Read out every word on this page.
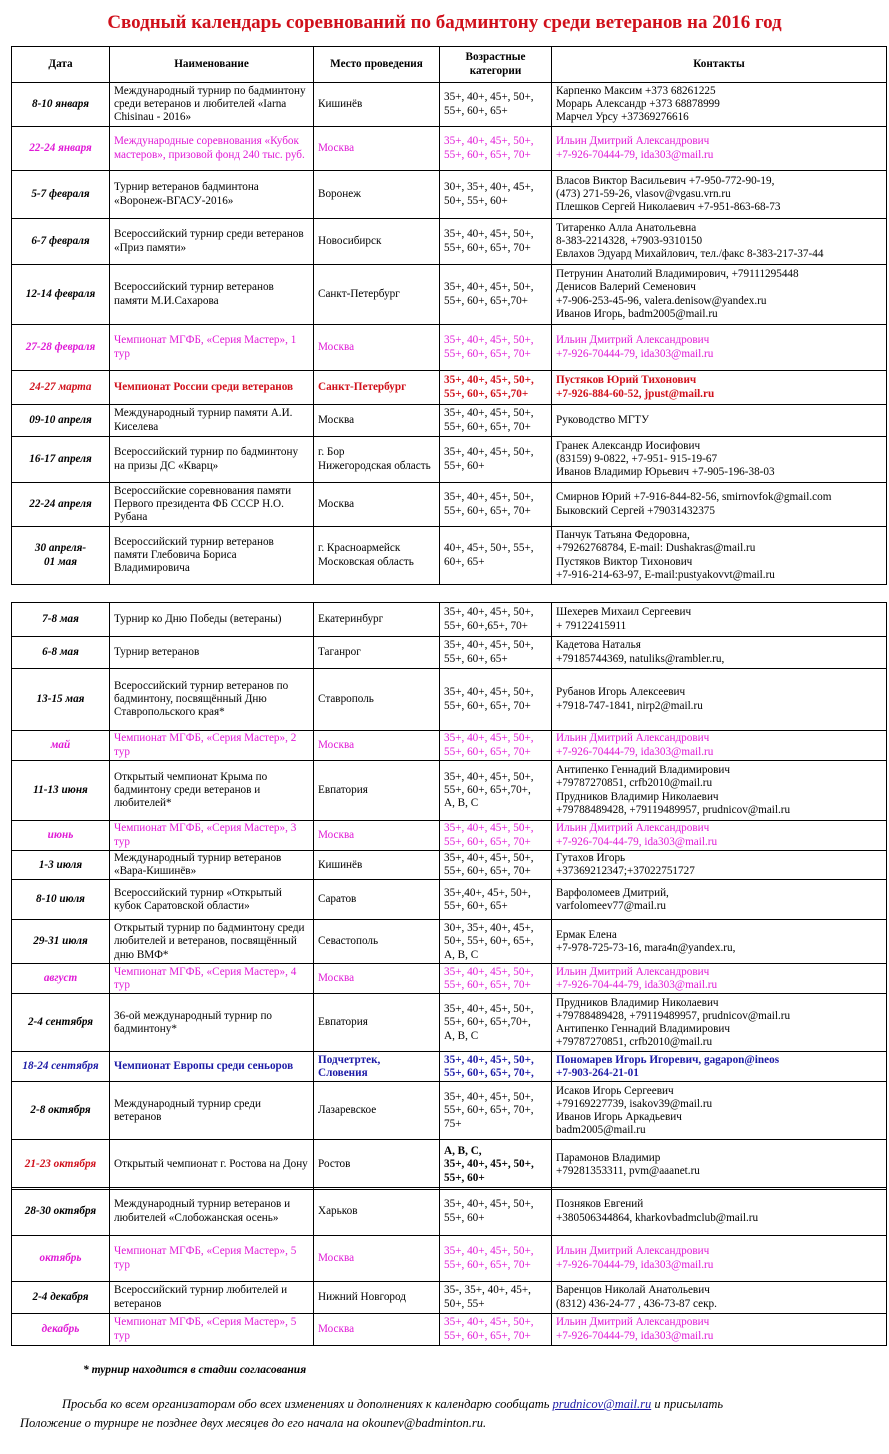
Сводный календарь соревнований по бадминтону среди ветеранов на 2016 год
Дата	Наименование	Место проведения	Возрастные категории	Контакты
8-10 января	Международный турнир по бадминтону среди ветеранов и любителей «Iarna Chisinau - 2016»	Кишинёв	35+, 40+, 45+, 50+, 55+, 60+, 65+	Карпенко Максим +373 68261225
Морарь Александр +373 68878999
Марчел Урсу +37369276616
22-24 января	Международные соревнования «Кубок мастеров», призовой фонд 240 тыс. руб.	Москва	35+, 40+, 45+, 50+, 55+, 60+, 65+, 70+	Ильин Дмитрий Александрович
+7-926-70444-79, ida303@mail.ru
5-7 февраля	Турнир ветеранов бадминтона «Воронеж-ВГАСУ-2016»	Воронеж	30+, 35+, 40+, 45+, 50+, 55+, 60+	Власов Виктор Васильевич +7-950-772-90-19,
(473) 271-59-26, vlasov@vgasu.vrn.ru
Плешков Сергей Николаевич +7-951-863-68-73
6-7 февраля	Всероссийский турнир среди ветеранов «Приз памяти»	Новосибирск	35+, 40+, 45+, 50+, 55+, 60+, 65+, 70+	Титаренко Алла Анатольевна
8-383-2214328, +7903-9310150
Евлахов Эдуард Михайлович, тел./факс 8-383-217-37-44
12-14 февраля	Всероссийский турнир ветеранов памяти М.И.Сахарова	Санкт-Петербург	35+, 40+, 45+, 50+, 55+, 60+, 65+,70+	Петрунин Анатолий Владимирович, +79111295448
Денисов Валерий Семенович
+7-906-253-45-96, valera.denisow@yandex.ru
Иванов Игорь, badm2005@mail.ru
27-28 февраля	Чемпионат МГФБ, «Серия Мастер», 1 тур	Москва	35+, 40+, 45+, 50+, 55+, 60+, 65+, 70+	Ильин Дмитрий Александрович
+7-926-70444-79, ida303@mail.ru
24-27 марта	Чемпионат России среди ветеранов	Санкт-Петербург	35+, 40+, 45+, 50+, 55+, 60+, 65+,70+	Пустяков Юрий Тихонович
+7-926-884-60-52, jpust@mail.ru
09-10 апреля	Международный турнир памяти А.И. Киселева	Москва	35+, 40+, 45+, 50+, 55+, 60+, 65+, 70+	Руководство МГТУ
16-17 апреля	Всероссийский турнир по бадминтону на призы ДС «Кварц»	г. Бор
Нижегородская область	35+, 40+, 45+, 50+, 55+, 60+	Гранек Александр Иосифович
(83159) 9-0822, +7-951- 915-19-67
Иванов Владимир Юрьевич +7-905-196-38-03
22-24 апреля	Всероссийские соревнования памяти Первого президента ФБ СССР Н.О. Рубана	Москва	35+, 40+, 45+, 50+, 55+, 60+, 65+, 70+	Смирнов Юрий +7-916-844-82-56, smirnovfok@gmail.com
Быковский Сергей +79031432375
30 апреля-
01 мая	Всероссийский турнир ветеранов памяти Глебовича Бориса Владимировича	г. Красноармейск
Московская область	40+, 45+, 50+, 55+, 60+, 65+	Панчук Татьяна Федоровна,
+79262768784, E-mail: Dushakras@mail.ru
Пустяков Виктор Тихонович
+7-916-214-63-97, E-mail:pustyakovvt@mail.ru
7-8 мая	Турнир ко Дню Победы (ветераны)	Екатеринбург	35+, 40+, 45+, 50+, 55+, 60+,65+, 70+	Шехерев Михаил Сергеевич
+ 79122415911
6-8 мая	Турнир ветеранов	Таганрог	35+, 40+, 45+, 50+, 55+, 60+, 65+	Кадетова Наталья
+79185744369, natuliks@rambler.ru,
13-15 мая	Всероссийский турнир ветеранов по бадминтону, посвящённый Дню Ставропольского края*	Ставрополь	35+, 40+, 45+, 50+, 55+, 60+, 65+, 70+	Рубанов Игорь Алексеевич
+7918-747-1841, nirp2@mail.ru
май	Чемпионат МГФБ, «Серия Мастер», 2 тур	Москва	35+, 40+, 45+, 50+, 55+, 60+, 65+, 70+	Ильин Дмитрий Александрович
+7-926-70444-79, ida303@mail.ru
11-13 июня	Открытый чемпионат Крыма по бадминтону среди ветеранов и любителей*	Евпатория	35+, 40+, 45+, 50+, 55+, 60+, 65+,70+,
A, B, C	Антипенко Геннадий Владимирович
+79787270851, crfb2010@mail.ru
Прудников Владимир Николаевич
+79788489428, +79119489957, prudnicov@mail.ru
июнь	Чемпионат МГФБ, «Серия Мастер», 3 тур	Москва	35+, 40+, 45+, 50+, 55+, 60+, 65+, 70+	Ильин Дмитрий Александрович
+7-926-704-44-79, ida303@mail.ru
1-3 июля	Международный турнир ветеранов «Вара-Кишинёв»	Кишинёв	35+, 40+, 45+, 50+, 55+, 60+, 65+, 70+	Гутахов Игорь
+37369212347;+37022751727
8-10 июля	Всероссийский турнир «Открытый кубок Саратовской области»	Саратов	35+,40+, 45+, 50+, 55+, 60+, 65+	Варфоломеев Дмитрий,
varfolomeev77@mail.ru
29-31 июля	Открытый турнир по бадминтону среди любителей и ветеранов, посвящённый дню ВМФ*	Севастополь	30+, 35+, 40+, 45+, 50+, 55+, 60+, 65+,
A, B, C	Ермак Елена
+7-978-725-73-16, mara4n@yandex.ru,
август	Чемпионат МГФБ, «Серия Мастер», 4 тур	Москва	35+, 40+, 45+, 50+, 55+, 60+, 65+, 70+	Ильин Дмитрий Александрович
+7-926-704-44-79, ida303@mail.ru
2-4 сентября	36-ой международный турнир по бадминтону*	Евпатория	35+, 40+, 45+, 50+, 55+, 60+, 65+,70+,
A, B, C	Прудников Владимир Николаевич
+79788489428, +79119489957, prudnicov@mail.ru
Антипенко Геннадий Владимирович
+79787270851, crfb2010@mail.ru
18-24 сентября	Чемпионат Европы среди сеньоров	Подчетртек,
Словения	35+, 40+, 45+, 50+, 55+, 60+, 65+, 70+,	Пономарев Игорь Игоревич, gagapon@ineos
+7-903-264-21-01
2-8 октября	Международный турнир среди ветеранов	Лазаревское	35+, 40+, 45+, 50+, 55+, 60+, 65+, 70+, 75+	Исаков Игорь Сергеевич
+79169227739, isakov39@mail.ru
Иванов Игорь Аркадьевич
badm2005@mail.ru
21-23 октября	Открытый чемпионат г. Ростова на Дону	Ростов	A, B, C,
35+, 40+, 45+, 50+, 55+, 60+	Парамонов Владимир
+79281353311, pvm@aaanet.ru
28-30 октября	Международный турнир ветеранов и любителей «Слобожанская осень»	Харьков	35+, 40+, 45+, 50+, 55+, 60+	Позняков Евгений
+380506344864, kharkovbadmclub@mail.ru
октябрь	Чемпионат МГФБ, «Серия Мастер», 5 тур	Москва	35+, 40+, 45+, 50+, 55+, 60+, 65+, 70+	Ильин Дмитрий Александрович
+7-926-70444-79, ida303@mail.ru
2-4 декабря	Всероссийский турнир любителей и ветеранов	Нижний Новгород	35-, 35+, 40+, 45+, 50+, 55+	Варенцов Николай Анатольевич
(8312) 436-24-77 , 436-73-87 секр.
декабрь	Чемпионат МГФБ, «Серия Мастер», 5 тур	Москва	35+, 40+, 45+, 50+, 55+, 60+, 65+, 70+	Ильин Дмитрий Александрович
+7-926-70444-79, ida303@mail.ru
* турнир находится в стадии согласования
Просьба ко всем организаторам обо всех изменениях и дополнениях к календарю сообщать prudnicov@mail.ru и присылать
Положение о турнире не позднее двух месяцев до его начала на okounev@badminton.ru.
